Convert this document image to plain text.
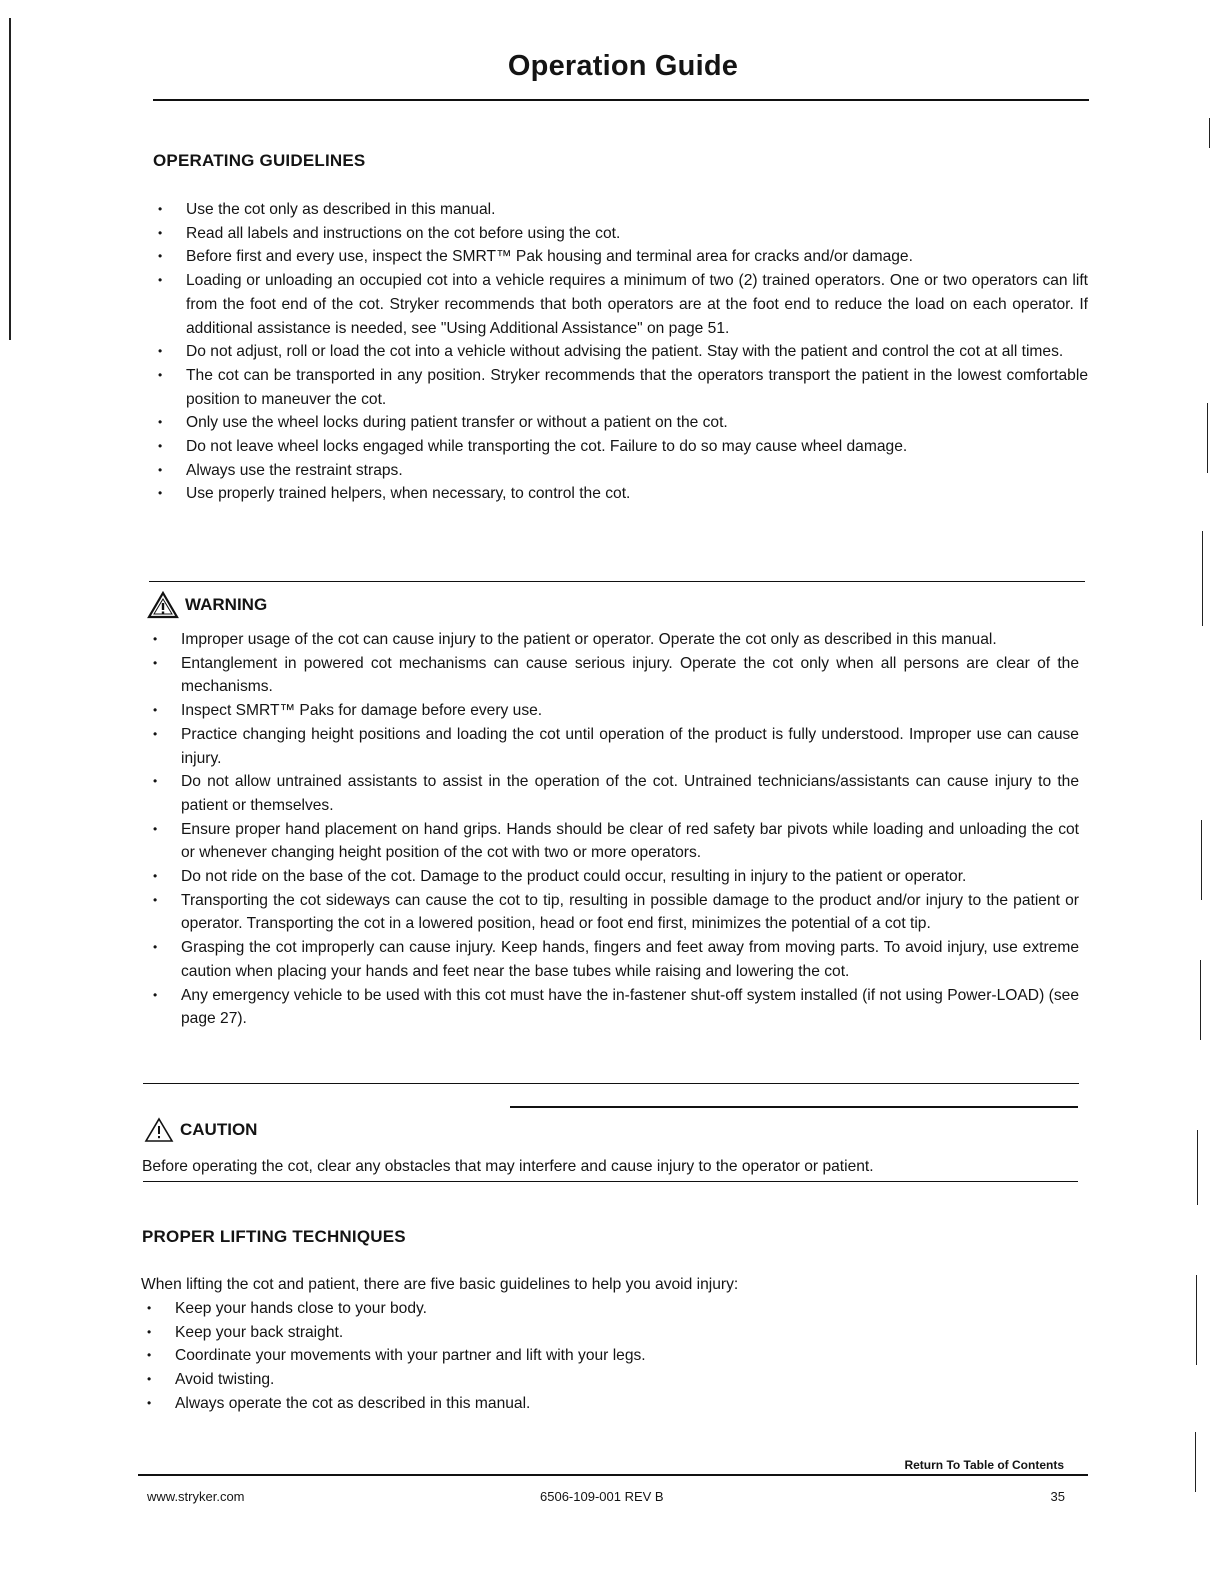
Operation Guide
OPERATING GUIDELINES
• Use the cot only as described in this manual.
• Read all labels and instructions on the cot before using the cot.
• Before first and every use, inspect the SMRT™ Pak housing and terminal area for cracks and/or damage.
• Loading or unloading an occupied cot into a vehicle requires a minimum of two (2) trained operators. One or two operators can lift from the foot end of the cot. Stryker recommends that both operators are at the foot end to reduce the load on each operator. If additional assistance is needed, see "Using Additional Assistance" on page 51.
• Do not adjust, roll or load the cot into a vehicle without advising the patient. Stay with the patient and control the cot at all times.
• The cot can be transported in any position. Stryker recommends that the operators transport the patient in the lowest comfortable position to maneuver the cot.
• Only use the wheel locks during patient transfer or without a patient on the cot.
• Do not leave wheel locks engaged while transporting the cot. Failure to do so may cause wheel damage.
• Always use the restraint straps.
• Use properly trained helpers, when necessary, to control the cot.
WARNING
• Improper usage of the cot can cause injury to the patient or operator. Operate the cot only as described in this manual.
• Entanglement in powered cot mechanisms can cause serious injury. Operate the cot only when all persons are clear of the mechanisms.
• Inspect SMRT™ Paks for damage before every use.
• Practice changing height positions and loading the cot until operation of the product is fully understood. Improper use can cause injury.
• Do not allow untrained assistants to assist in the operation of the cot. Untrained technicians/assistants can cause injury to the patient or themselves.
• Ensure proper hand placement on hand grips. Hands should be clear of red safety bar pivots while loading and unloading the cot or whenever changing height position of the cot with two or more operators.
• Do not ride on the base of the cot. Damage to the product could occur, resulting in injury to the patient or operator.
• Transporting the cot sideways can cause the cot to tip, resulting in possible damage to the product and/or injury to the patient or operator. Transporting the cot in a lowered position, head or foot end first, minimizes the potential of a cot tip.
• Grasping the cot improperly can cause injury. Keep hands, fingers and feet away from moving parts. To avoid injury, use extreme caution when placing your hands and feet near the base tubes while raising and lowering the cot.
• Any emergency vehicle to be used with this cot must have the in-fastener shut-off system installed (if not using Power-LOAD) (see page 27).
CAUTION
Before operating the cot, clear any obstacles that may interfere and cause injury to the operator or patient.
PROPER LIFTING TECHNIQUES
When lifting the cot and patient, there are five basic guidelines to help you avoid injury:
• Keep your hands close to your body.
• Keep your back straight.
• Coordinate your movements with your partner and lift with your legs.
• Avoid twisting.
• Always operate the cot as described in this manual.
Return To Table of Contents
www.stryker.com	6506-109-001 REV B	35
